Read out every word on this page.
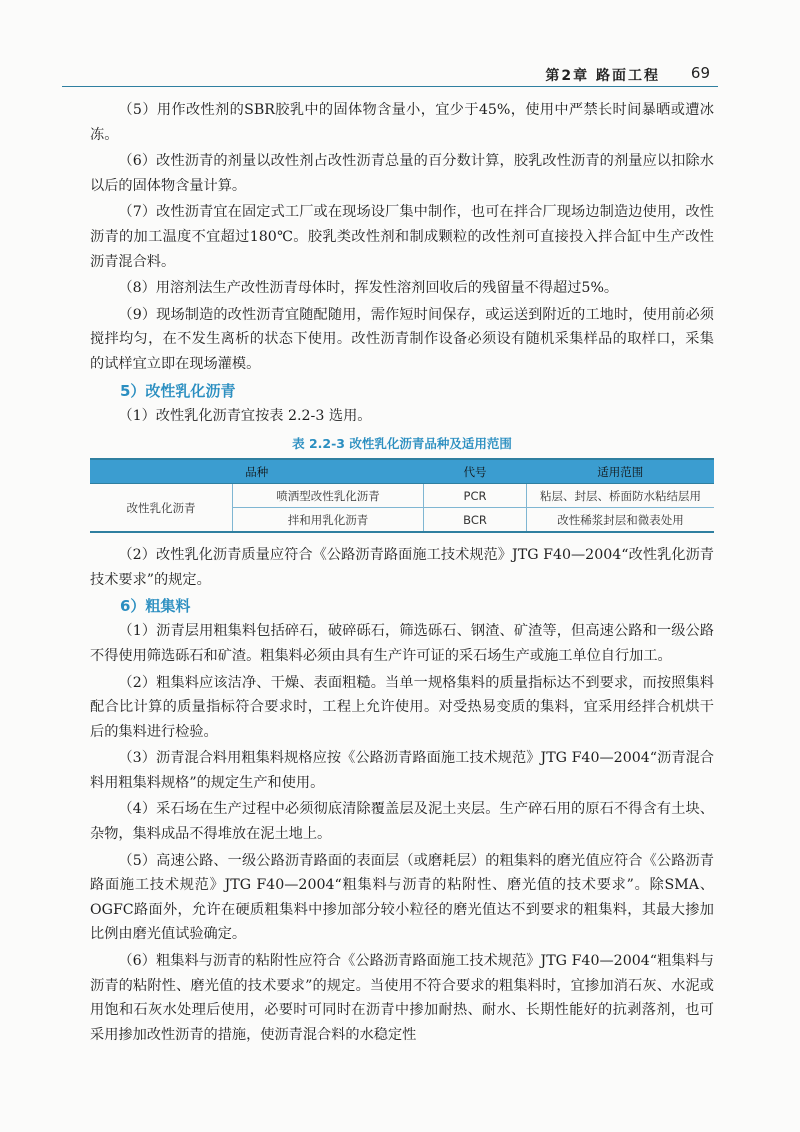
第2章 路面工程 69

（5）用作改性剂的SBR胶乳中的固体物含量小，宜少于45%，使用中严禁长时间暴晒或遭冰冻。

（6）改性沥青的剂量以改性剂占改性沥青总量的百分数计算，胶乳改性沥青的剂量应以扣除水以后的固体物含量计算。

（7）改性沥青宜在固定式工厂或在现场设厂集中制作，也可在拌合厂现场边制造边使用，改性沥青的加工温度不宜超过180℃。胶乳类改性剂和制成颗粒的改性剂可直接投入拌合缸中生产改性沥青混合料。

（8）用溶剂法生产改性沥青母体时，挥发性溶剂回收后的残留量不得超过5%。

（9）现场制造的改性沥青宜随配随用，需作短时间保存，或运送到附近的工地时，使用前必须搅拌均匀，在不发生离析的状态下使用。改性沥青制作设备必须设有随机采集样品的取样口，采集的试样宜立即在现场灌模。

5）改性乳化沥青

（1）改性乳化沥青宜按表 2.2-3 选用。

表 2.2-3 改性乳化沥青品种及适用范围
品种		代号	适用范围
改性乳化沥青	喷洒型改性乳化沥青	PCR	粘层、封层、桥面防水粘结层用
	拌和用乳化沥青	BCR	改性稀浆封层和微表处用

（2）改性乳化沥青质量应符合《公路沥青路面施工技术规范》JTG F40—2004“改性乳化沥青技术要求”的规定。

6）粗集料

（1）沥青层用粗集料包括碎石，破碎砾石，筛选砾石、钢渣、矿渣等，但高速公路和一级公路不得使用筛选砾石和矿渣。粗集料必须由具有生产许可证的采石场生产或施工单位自行加工。

（2）粗集料应该洁净、干燥、表面粗糙。当单一规格集料的质量指标达不到要求，而按照集料配合比计算的质量指标符合要求时，工程上允许使用。对受热易变质的集料，宜采用经拌合机烘干后的集料进行检验。

（3）沥青混合料用粗集料规格应按《公路沥青路面施工技术规范》JTG F40—2004“沥青混合料用粗集料规格”的规定生产和使用。

（4）采石场在生产过程中必须彻底清除覆盖层及泥土夹层。生产碎石用的原石不得含有土块、杂物，集料成品不得堆放在泥土地上。

（5）高速公路、一级公路沥青路面的表面层（或磨耗层）的粗集料的磨光值应符合《公路沥青路面施工技术规范》JTG F40—2004“粗集料与沥青的粘附性、磨光值的技术要求”。除SMA、OGFC路面外，允许在硬质粗集料中掺加部分较小粒径的磨光值达不到要求的粗集料，其最大掺加比例由磨光值试验确定。

（6）粗集料与沥青的粘附性应符合《公路沥青路面施工技术规范》JTG F40—2004“粗集料与沥青的粘附性、磨光值的技术要求”的规定。当使用不符合要求的粗集料时，宜掺加消石灰、水泥或用饱和石灰水处理后使用，必要时可同时在沥青中掺加耐热、耐水、长期性能好的抗剥落剂，也可采用掺加改性沥青的措施，使沥青混合料的水稳定性
